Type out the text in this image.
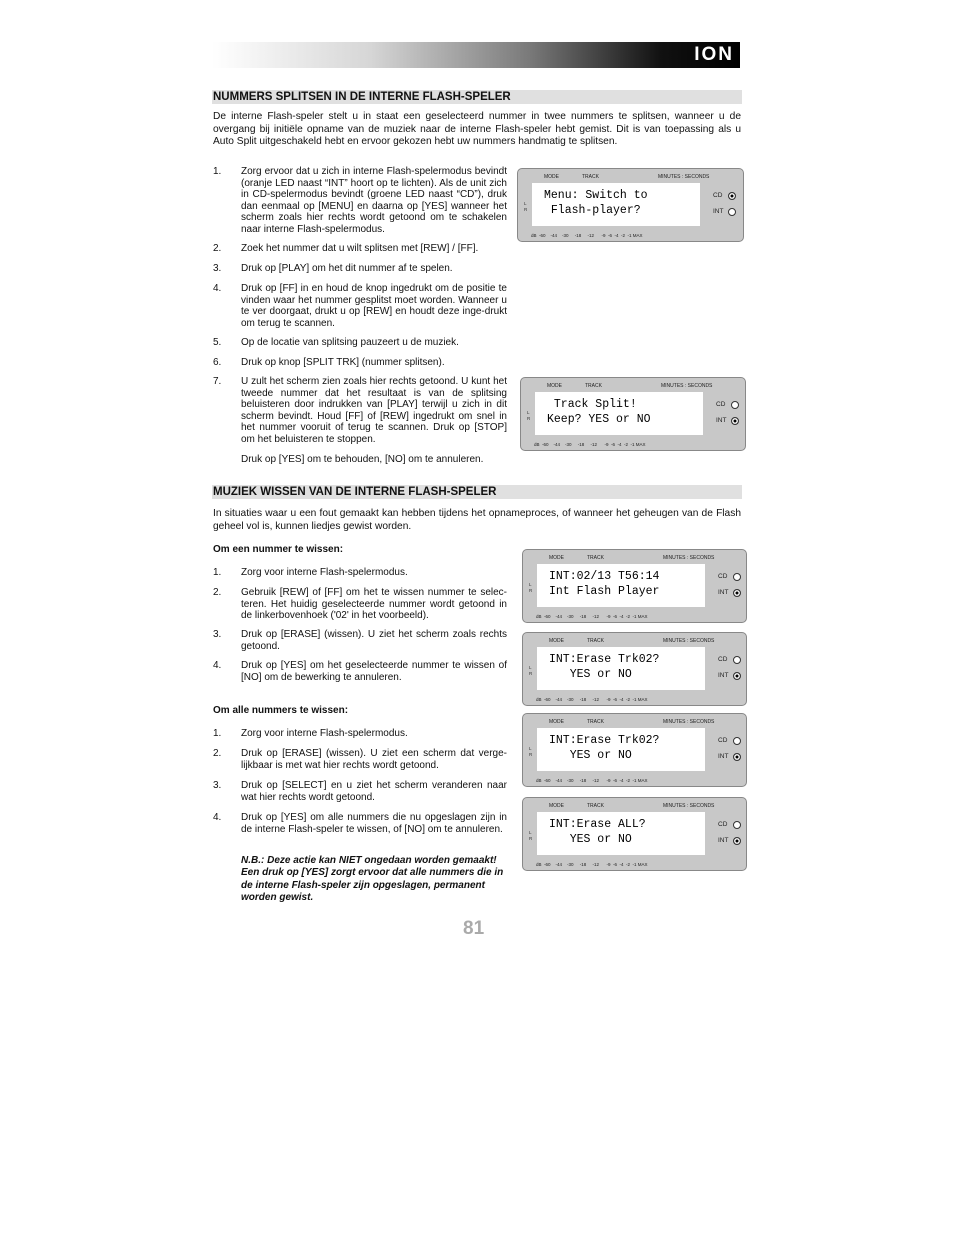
ION
NUMMERS SPLITSEN IN DE INTERNE FLASH-SPELER

De interne Flash-speler stelt u in staat een geselecteerd nummer in twee nummers te splitsen, wanneer u de overgang bij initiële opname van de muziek naar de interne Flash-speler hebt gemist. Dit is van toepassing als u Auto Split uitgeschakeld hebt en ervoor gekozen hebt uw nummers handmatig te splitsen.

1. Zorg ervoor dat u zich in interne Flash-spelermodus bevindt (oranje LED naast “INT” hoort op te lichten). Als de unit zich in CD-spelermodus bevindt (groene LED naast “CD”), druk dan eenmaal op [MENU] en daarna op [YES] wanneer het scherm zoals hier rechts wordt getoond om te schakelen naar interne Flash-spelermodus.

2. Zoek het nummer dat u wilt splitsen met [REW] / [FF].

3. Druk op [PLAY] om het dit nummer af te spelen.

4. Druk op [FF] in en houd de knop ingedrukt om de positie te vinden waar het nummer gesplitst moet worden. Wanneer u te ver doorgaat, drukt u op [REW] en houdt deze inge-drukt om terug te scannen.

5. Op de locatie van splitsing pauzeert u de muziek.

6. Druk op knop [SPLIT TRK] (nummer splitsen).

7. U zult het scherm zien zoals hier rechts getoond. U kunt het tweede nummer dat het resultaat is van de splitsing beluisteren door indrukken van [PLAY] terwijl u zich in dit scherm bevindt. Houd [FF] of [REW] ingedrukt om snel in het nummer vooruit of terug te scannen. Druk op [STOP] om het beluisteren te stoppen.

Druk op [YES] om te behouden, [NO] om te annuleren.

MUZIEK WISSEN VAN DE INTERNE FLASH-SPELER

In situaties waar u een fout gemaakt kan hebben tijdens het opnameproces, of wanneer het geheugen van de Flash geheel vol is, kunnen liedjes gewist worden.

Om een nummer te wissen:
1. Zorg voor interne Flash-spelermodus.

2. Gebruik [REW] of [FF] om het te wissen nummer te selec-teren. Het huidig geselecteerde nummer wordt getoond in de linkerbovenhoek ('02' in het voorbeeld).

3. Druk op [ERASE] (wissen). U ziet het scherm zoals rechts getoond.

4. Druk op [YES] om het geselecteerde nummer te wissen of [NO] om de bewerking te annuleren.

Om alle nummers te wissen:
1. Zorg voor interne Flash-spelermodus.

2. Druk op [ERASE] (wissen). U ziet een scherm dat verge-lijkbaar is met wat hier rechts wordt getoond.

3. Druk op [SELECT] en u ziet het scherm veranderen naar wat hier rechts wordt getoond.

4. Druk op [YES] om alle nummers die nu opgeslagen zijn in de interne Flash-speler te wissen, of [NO] om te annuleren.

N.B.: Deze actie kan NIET ongedaan worden gemaakt! Een druk op [YES] zorgt ervoor dat alle nummers die in de interne Flash-speler zijn opgeslagen, permanent worden gewist.

81
MODE	TRACK	MINUTES : SECONDS
L
R
Menu: Switch to
Flash-player?
CD
INT
dB  -60    -44    -30     -18     -12      -9  -6  -4  -2  -1 MAX
MODE	TRACK	MINUTES : SECONDS
L
R
Track Split!
Keep? YES or NO
CD
INT
dB  -60    -44    -30     -18     -12      -9  -6  -4  -2  -1 MAX
MODE	TRACK	MINUTES : SECONDS
L
R
INT:02/13 T56:14
Int Flash Player
CD
INT
dB  -60    -44    -30     -18     -12      -9  -6  -4  -2  -1 MAX
MODE	TRACK	MINUTES : SECONDS
L
R
INT:Erase Trk02?
YES or NO
CD
INT
dB  -60    -44    -30     -18     -12      -9  -6  -4  -2  -1 MAX
MODE	TRACK	MINUTES : SECONDS
L
R
INT:Erase Trk02?
YES or NO
CD
INT
dB  -60    -44    -30     -18     -12      -9  -6  -4  -2  -1 MAX
MODE	TRACK	MINUTES : SECONDS
L
R
INT:Erase ALL?
YES or NO
CD
INT
dB  -60    -44    -30     -18     -12      -9  -6  -4  -2  -1 MAX
